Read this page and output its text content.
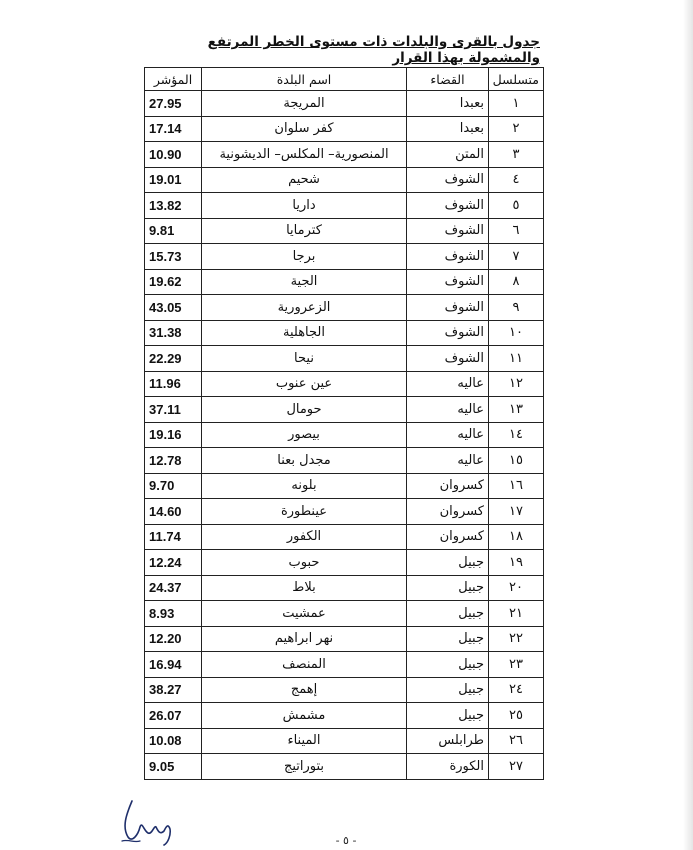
جدول بالقرى والبلدات ذات مستوى الخطر المرتفع والمشمولة بهذا القرار
متسلسل	القضاء	اسم البلدة	المؤشر
١	بعبدا	المريجة	27.95
٢	بعبدا	كفر سلوان	17.14
٣	المتن	المنصورية– المكلس– الديشونية	10.90
٤	الشوف	شحيم	19.01
٥	الشوف	داريا	13.82
٦	الشوف	كترمايا	9.81
٧	الشوف	برجا	15.73
٨	الشوف	الجية	19.62
٩	الشوف	الزعرورية	43.05
١٠	الشوف	الجاهلية	31.38
١١	الشوف	نيحا	22.29
١٢	عاليه	عين عنوب	11.96
١٣	عاليه	حومال	37.11
١٤	عاليه	بيصور	19.16
١٥	عاليه	مجدل بعنا	12.78
١٦	كسروان	بلونه	9.70
١٧	كسروان	عينطورة	14.60
١٨	كسروان	الكفور	11.74
١٩	جبيل	حبوب	12.24
٢٠	جبيل	بلاط	24.37
٢١	جبيل	عمشيت	8.93
٢٢	جبيل	نهر ابراهيم	12.20
٢٣	جبيل	المنصف	16.94
٢٤	جبيل	إهمج	38.27
٢٥	جبيل	مشمش	26.07
٢٦	طرابلس	الميناء	10.08
٢٧	الكورة	بتوراتيج	9.05
- ٥ -
